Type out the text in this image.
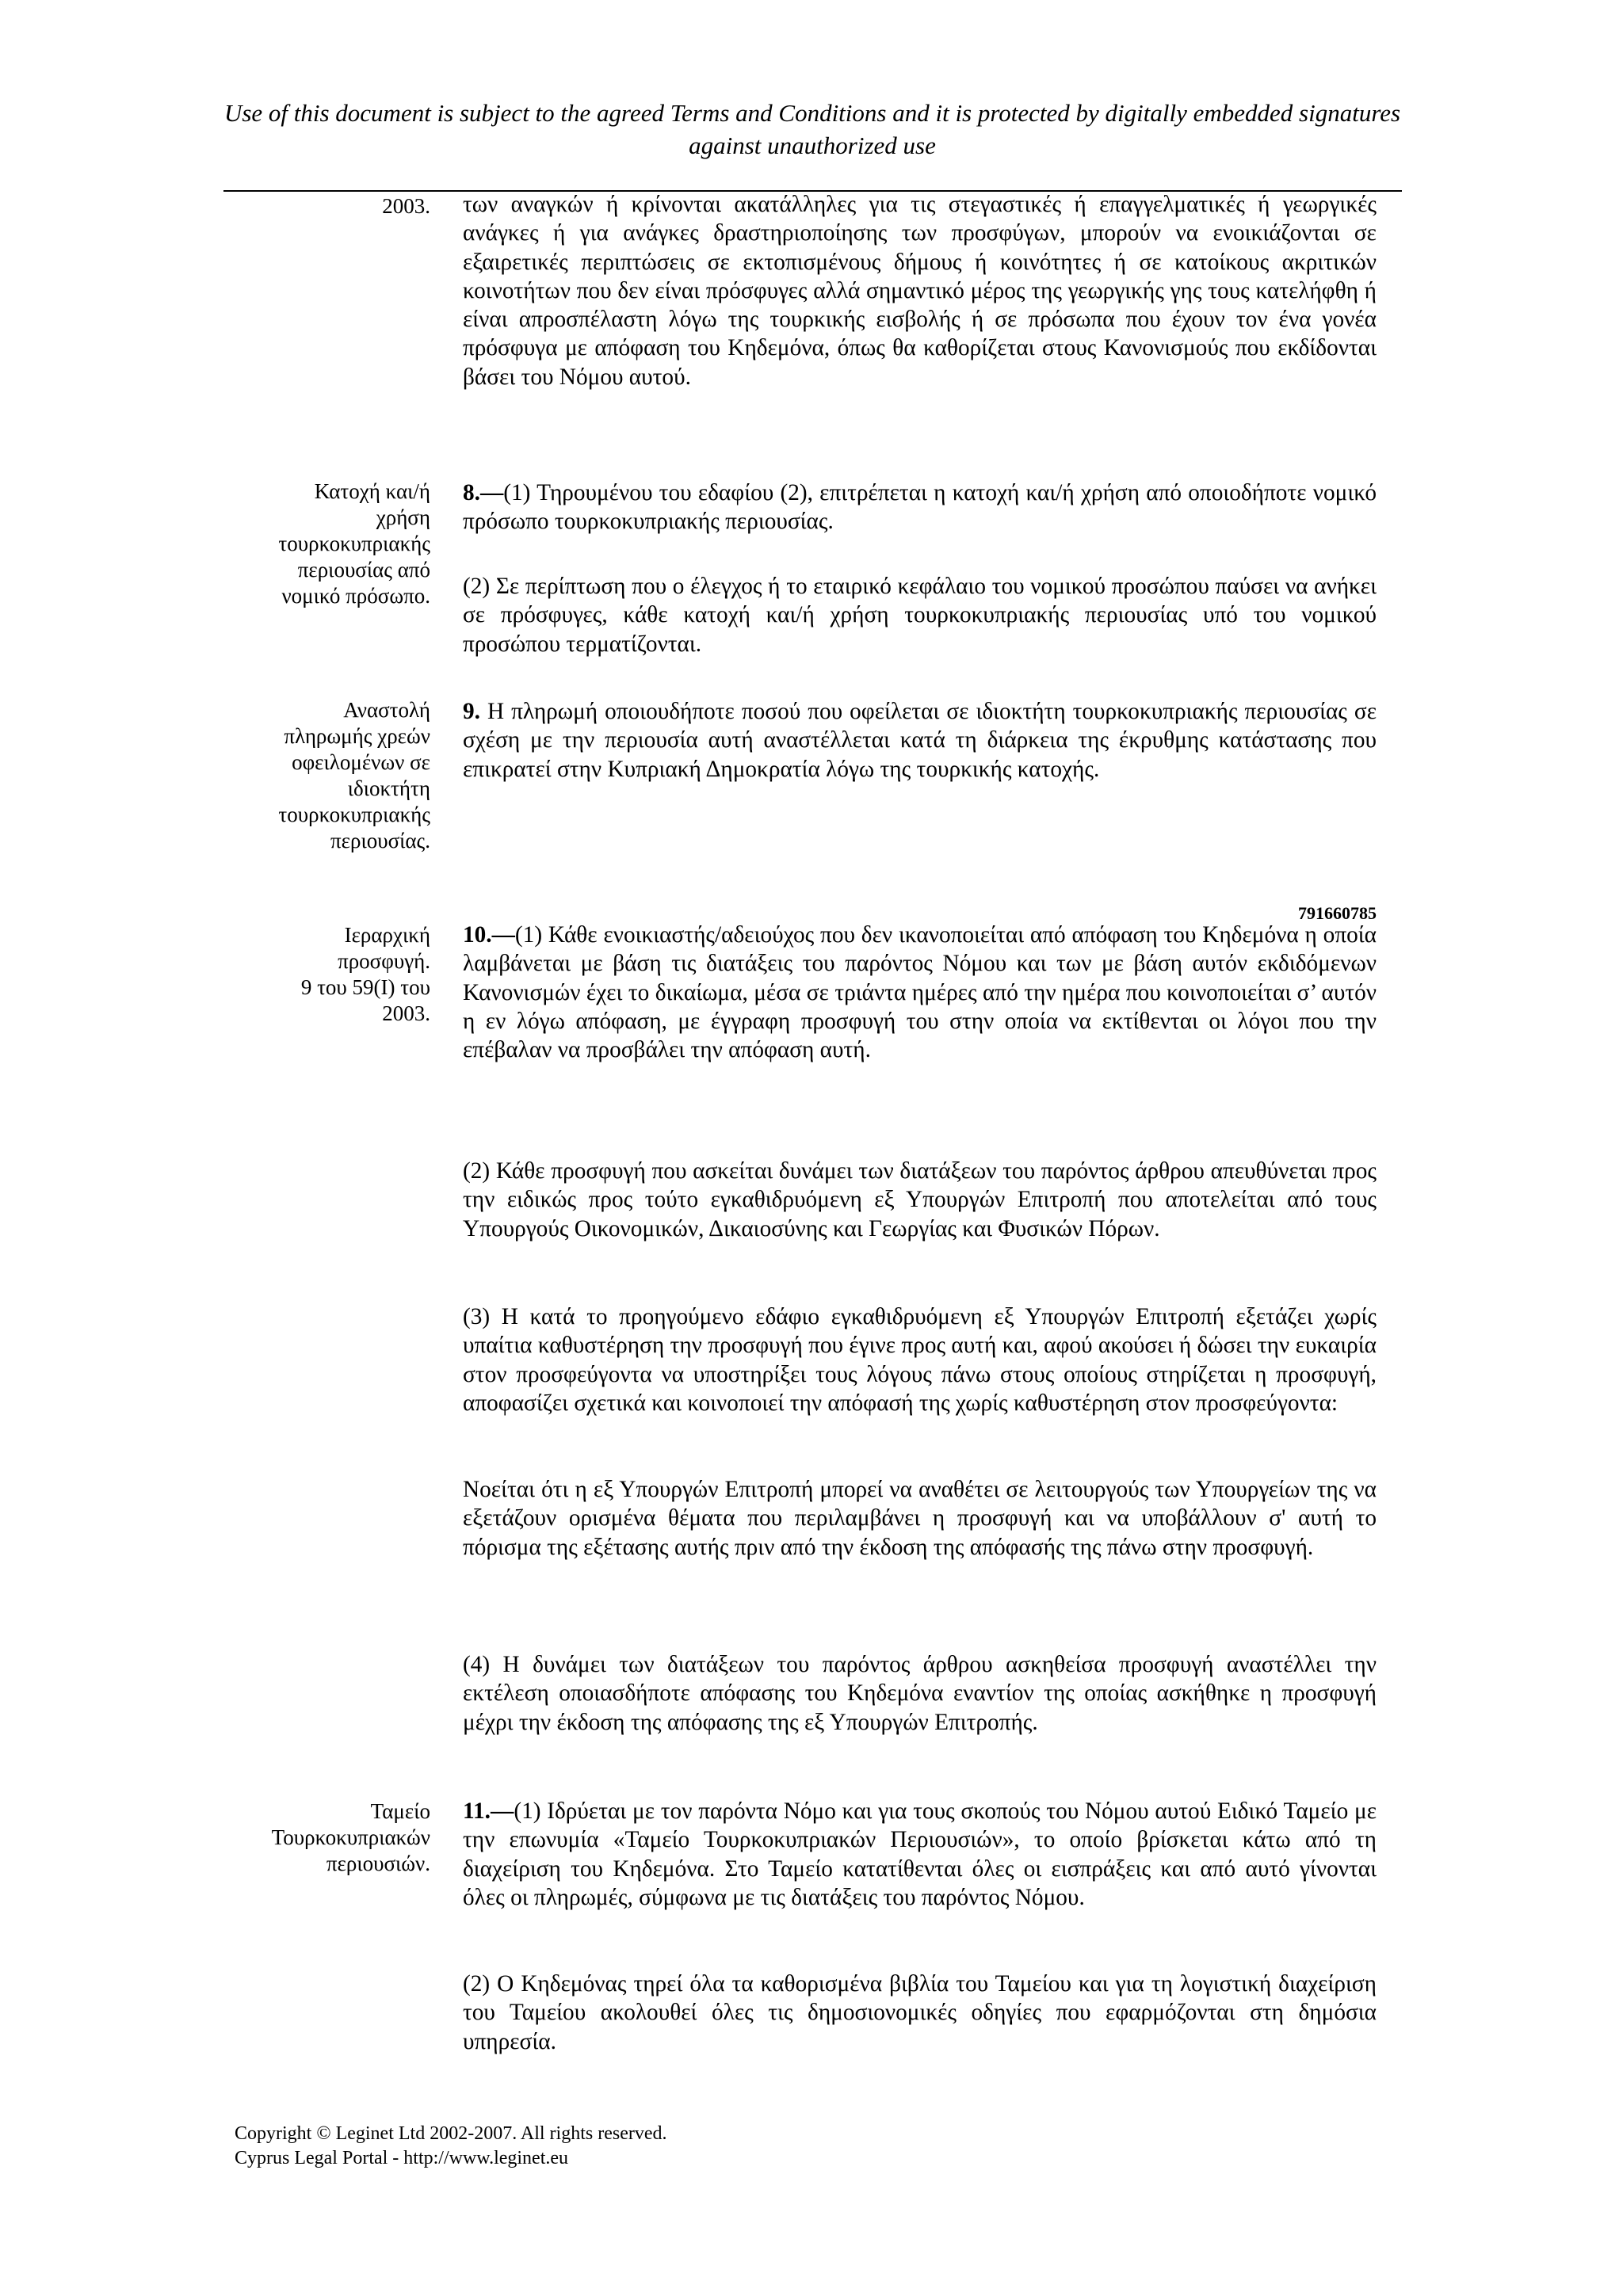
Use of this document is subject to the agreed Terms and Conditions and it is protected by digitally embedded signatures against unauthorized use
2003. των αναγκών ή κρίνονται ακατάλληλες για τις στεγαστικές ή επαγγελματικές ή γεωργικές ανάγκες ή για ανάγκες δραστηριοποίησης των προσφύγων, μπορούν να ενοικιάζονται σε εξαιρετικές περιπτώσεις σε εκτοπισμένους δήμους ή κοινότητες ή σε κατοίκους ακριτικών κοινοτήτων που δεν είναι πρόσφυγες αλλά σημαντικό μέρος της γεωργικής γης τους κατελήφθη ή είναι απροσπέλαστη λόγω της τουρκικής εισβολής ή σε πρόσωπα που έχουν τον ένα γονέα πρόσφυγα με απόφαση του Κηδεμόνα, όπως θα καθορίζεται στους Κανονισμούς που εκδίδονται βάσει του Νόμου αυτού.
Κατοχή και/ή
χρήση
τουρκοκυπριακής
περιουσίας από
νομικό πρόσωπο.
8.—(1) Τηρουμένου του εδαφίου (2), επιτρέπεται η κατοχή και/ή χρήση από οποιοδήποτε νομικό πρόσωπο τουρκοκυπριακής περιουσίας.
(2) Σε περίπτωση που ο έλεγχος ή το εταιρικό κεφάλαιο του νομικού προσώπου παύσει να ανήκει σε πρόσφυγες, κάθε κατοχή και/ή χρήση τουρκοκυπριακής περιουσίας υπό του νομικού προσώπου τερματίζονται.
Αναστολή
πληρωμής χρεών
οφειλομένων σε
ιδιοκτήτη
τουρκοκυπριακής
περιουσίας.
9. Η πληρωμή οποιουδήποτε ποσού που οφείλεται σε ιδιοκτήτη τουρκοκυπριακής περιουσίας σε σχέση με την περιουσία αυτή αναστέλλεται κατά τη διάρκεια της έκρυθμης κατάστασης που επικρατεί στην Κυπριακή Δημοκρατία λόγω της τουρκικής κατοχής.
791660785
Ιεραρχική
προσφυγή.
9 του 59(Ι) του
2003.
10.—(1) Κάθε ενοικιαστής/αδειούχος που δεν ικανοποιείται από απόφαση του Κηδεμόνα η οποία λαμβάνεται με βάση τις διατάξεις του παρόντος Νόμου και των με βάση αυτόν εκδιδόμενων Κανονισμών έχει το δικαίωμα, μέσα σε τριάντα ημέρες από την ημέρα που κοινοποιείται σ’ αυτόν η εν λόγω απόφαση, με έγγραφη προσφυγή του στην οποία να εκτίθενται οι λόγοι που την επέβαλαν να προσβάλει την απόφαση αυτή.
(2) Κάθε προσφυγή που ασκείται δυνάμει των διατάξεων του παρόντος άρθρου απευθύνεται προς την ειδικώς προς τούτο εγκαθιδρυόμενη εξ Υπουργών Επιτροπή που αποτελείται από τους Υπουργούς Οικονομικών, Δικαιοσύνης και Γεωργίας και Φυσικών Πόρων.
(3) Η κατά το προηγούμενο εδάφιο εγκαθιδρυόμενη εξ Υπουργών Επιτροπή εξετάζει χωρίς υπαίτια καθυστέρηση την προσφυγή που έγινε προς αυτή και, αφού ακούσει ή δώσει την ευκαιρία στον προσφεύγοντα να υποστηρίξει τους λόγους πάνω στους οποίους στηρίζεται η προσφυγή, αποφασίζει σχετικά και κοινοποιεί την απόφασή της χωρίς καθυστέρηση στον προσφεύγοντα:
Νοείται ότι η εξ Υπουργών Επιτροπή μπορεί να αναθέτει σε λειτουργούς των Υπουργείων της να εξετάζουν ορισμένα θέματα που περιλαμβάνει η προσφυγή και να υποβάλλουν σ' αυτή το πόρισμα της εξέτασης αυτής πριν από την έκδοση της απόφασής της πάνω στην προσφυγή.
(4) Η δυνάμει των διατάξεων του παρόντος άρθρου ασκηθείσα προσφυγή αναστέλλει την εκτέλεση οποιασδήποτε απόφασης του Κηδεμόνα εναντίον της οποίας ασκήθηκε η προσφυγή μέχρι την έκδοση της απόφασης της εξ Υπουργών Επιτροπής.
Ταμείο
Τουρκοκυπριακών
περιουσιών.
11.—(1) Ιδρύεται με τον παρόντα Νόμο και για τους σκοπούς του Νόμου αυτού Ειδικό Ταμείο με την επωνυμία «Ταμείο Τουρκοκυπριακών Περιουσιών», το οποίο βρίσκεται κάτω από τη διαχείριση του Κηδεμόνα. Στο Ταμείο κατατίθενται όλες οι εισπράξεις και από αυτό γίνονται όλες οι πληρωμές, σύμφωνα με τις διατάξεις του παρόντος Νόμου.
(2) Ο Κηδεμόνας τηρεί όλα τα καθορισμένα βιβλία του Ταμείου και για τη λογιστική διαχείριση του Ταμείου ακολουθεί όλες τις δημοσιονομικές οδηγίες που εφαρμόζονται στη δημόσια υπηρεσία.
Copyright © Leginet Ltd 2002-2007. All rights reserved.
Cyprus Legal Portal - http://www.leginet.eu
